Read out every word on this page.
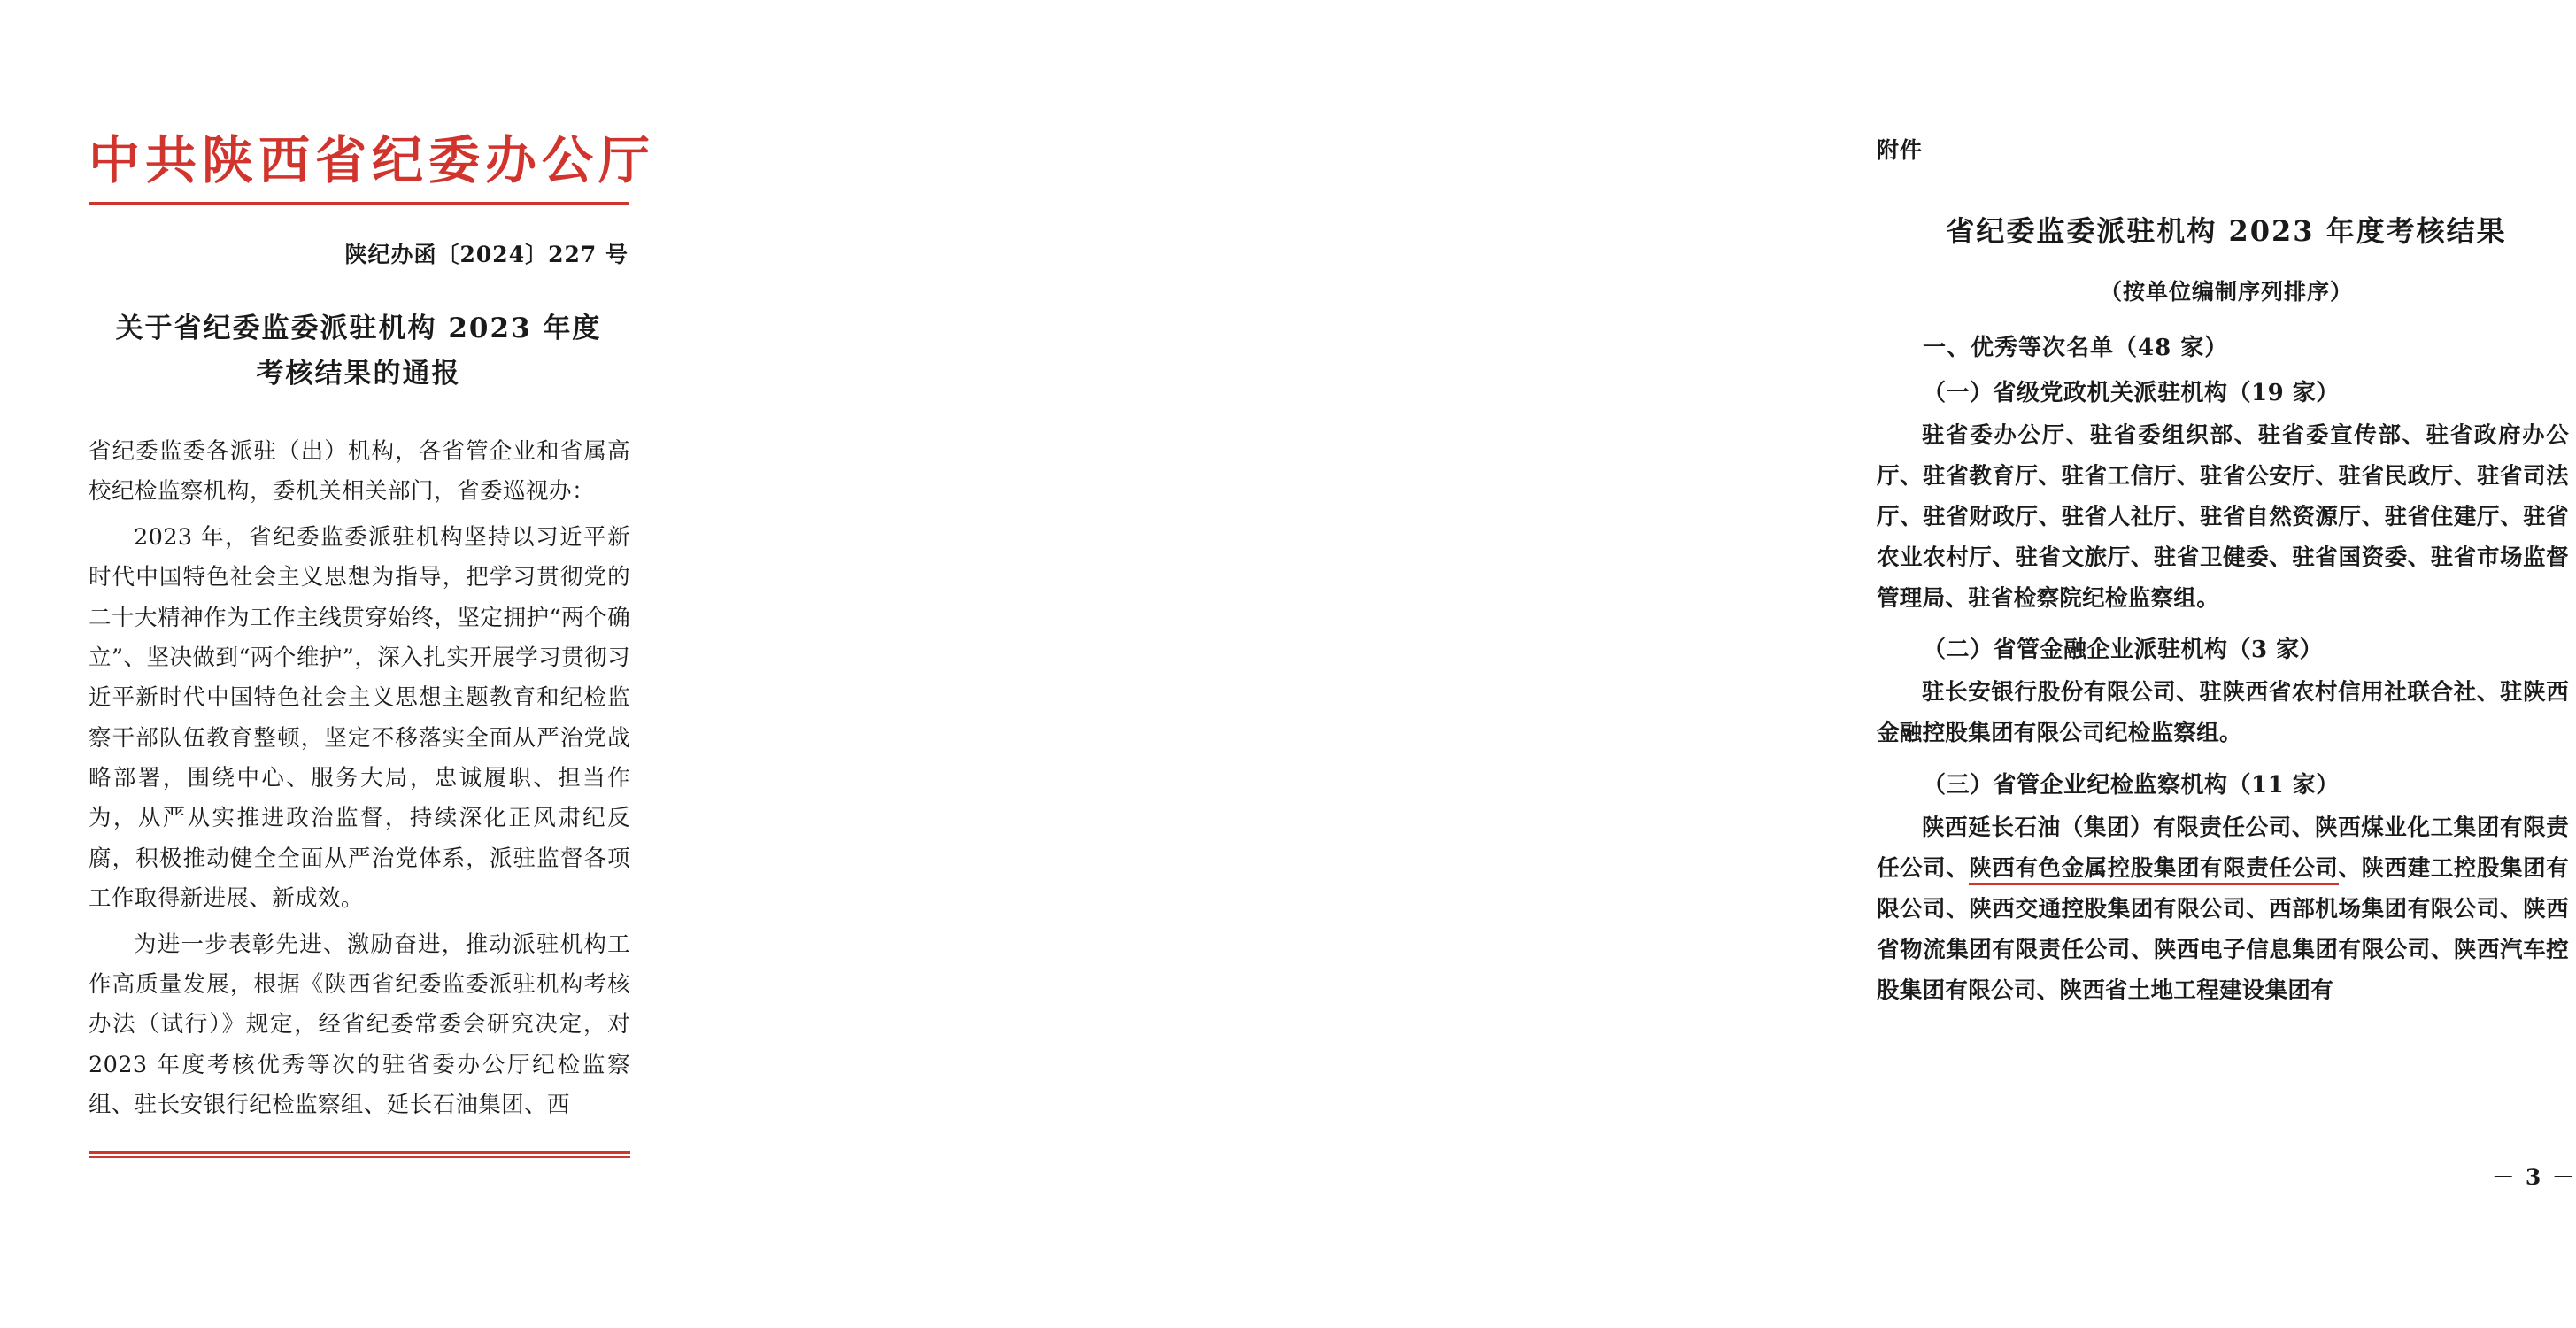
中共陕西省纪委办公厅
陕纪办函〔2024〕227 号
关于省纪委监委派驻机构 2023 年度
考核结果的通报
省纪委监委各派驻（出）机构，各省管企业和省属高校纪检监察机构，委机关相关部门，省委巡视办：
2023 年，省纪委监委派驻机构坚持以习近平新时代中国特色社会主义思想为指导，把学习贯彻党的二十大精神作为工作主线贯穿始终，坚定拥护“两个确立”、坚决做到“两个维护”，深入扎实开展学习贯彻习近平新时代中国特色社会主义思想主题教育和纪检监察干部队伍教育整顿，坚定不移落实全面从严治党战略部署，围绕中心、服务大局，忠诚履职、担当作为，从严从实推进政治监督，持续深化正风肃纪反腐，积极推动健全全面从严治党体系，派驻监督各项工作取得新进展、新成效。
为进一步表彰先进、激励奋进，推动派驻机构工作高质量发展，根据《陕西省纪委监委派驻机构考核办法（试行）》规定，经省纪委常委会研究决定，对 2023 年度考核优秀等次的驻省委办公厅纪检监察组、驻长安银行纪检监察组、延长石油集团、西
附件
省纪委监委派驻机构 2023 年度考核结果
（按单位编制序列排序）
一、优秀等次名单（48 家）
（一）省级党政机关派驻机构（19 家）
驻省委办公厅、驻省委组织部、驻省委宣传部、驻省政府办公厅、驻省教育厅、驻省工信厅、驻省公安厅、驻省民政厅、驻省司法厅、驻省财政厅、驻省人社厅、驻省自然资源厅、驻省住建厅、驻省农业农村厅、驻省文旅厅、驻省卫健委、驻省国资委、驻省市场监督管理局、驻省检察院纪检监察组。
（二）省管金融企业派驻机构（3 家）
驻长安银行股份有限公司、驻陕西省农村信用社联合社、驻陕西金融控股集团有限公司纪检监察组。
（三）省管企业纪检监察机构（11 家）
陕西延长石油（集团）有限责任公司、陕西煤业化工集团有限责任公司、陕西有色金属控股集团有限责任公司、陕西建工控股集团有限公司、陕西交通控股集团有限公司、西部机场集团有限公司、陕西省物流集团有限责任公司、陕西电子信息集团有限公司、陕西汽车控股集团有限公司、陕西省土地工程建设集团有
－ 3 －
